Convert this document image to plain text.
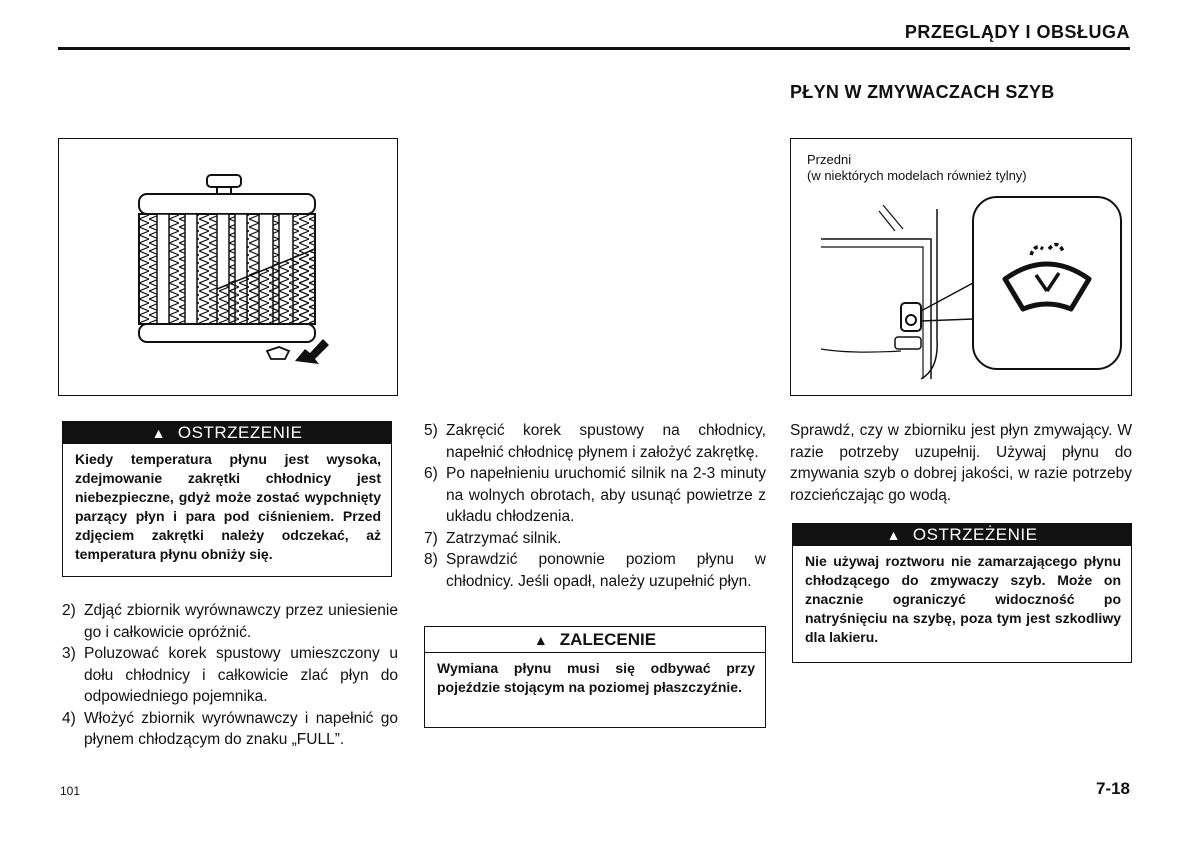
PRZEGLĄDY I OBSŁUGA
PŁYN W ZMYWACZACH SZYB
Przedni
(w niektórych modelach również tylny)
▲ OSTRZEZENIE
Kiedy temperatura płynu jest wysoka, zdejmowanie zakrętki chłodnicy jest niebezpieczne, gdyż może zostać wypchnięty parzący płyn i para pod ciśnieniem. Przed zdjęciem zakrętki należy odczekać, aż temperatura płynu obniży się.
2) Zdjąć zbiornik wyrównawczy przez uniesienie go i całkowicie opróżnić.
3) Poluzować korek spustowy umieszczony u dołu chłodnicy i całkowicie zlać płyn do odpowiedniego pojemnika.
4) Włożyć zbiornik wyrównawczy i napełnić go płynem chłodzącym do znaku „FULL”.
5) Zakręcić korek spustowy na chłodnicy, napełnić chłodnicę płynem i założyć zakrętkę.
6) Po napełnieniu uruchomić silnik na 2-3 minuty na wolnych obrotach, aby usunąć powietrze z układu chłodzenia.
7) Zatrzymać silnik.
8) Sprawdzić ponownie poziom płynu w chłodnicy. Jeśli opadł, należy uzupełnić płyn.
▲ ZALECENIE
Wymiana płynu musi się odbywać przy pojeździe stojącym na poziomej płaszczyźnie.
Sprawdź, czy w zbiorniku jest płyn zmywający. W razie potrzeby uzupełnij. Używaj płynu do zmywania szyb o dobrej jakości, w razie potrzeby rozcieńczając go wodą.
▲ OSTRZEŻENIE
Nie używaj roztworu nie zamarzającego płynu chłodzącego do zmywaczy szyb. Może on znacznie ograniczyć widoczność po natryśnięciu na szybę, poza tym jest szkodliwy dla lakieru.
101	7-18
